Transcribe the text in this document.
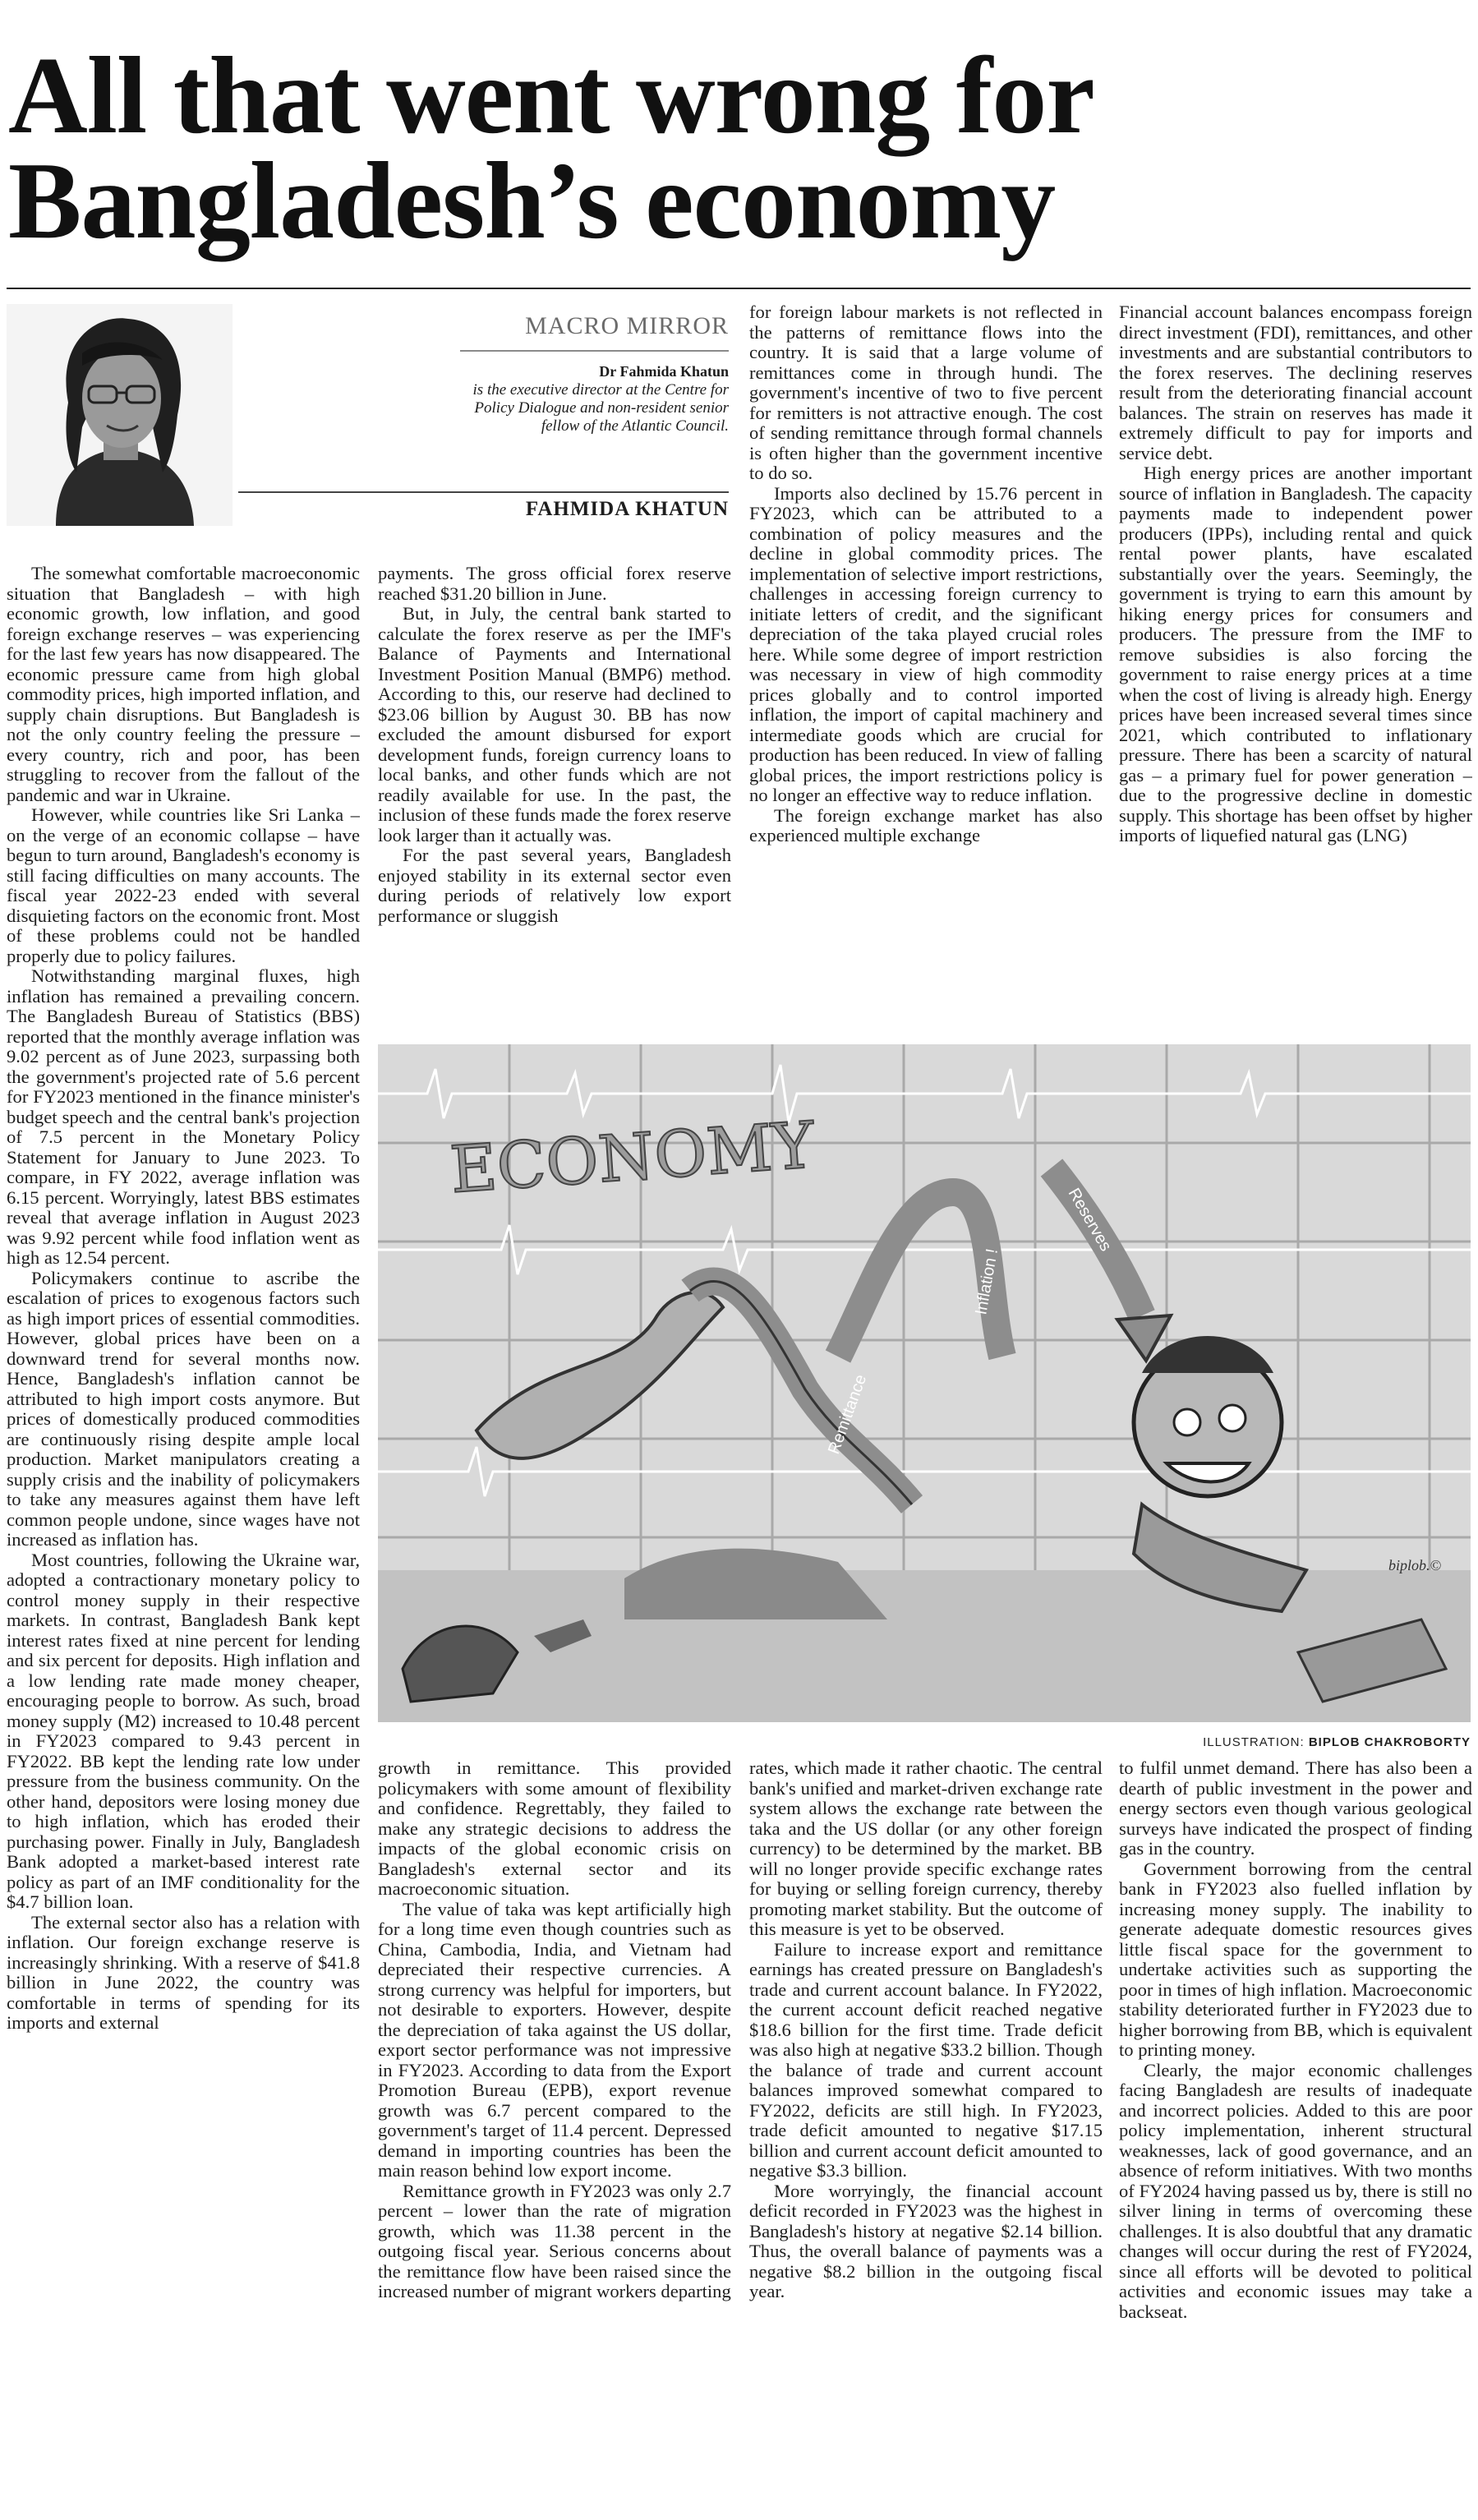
All that went wrong for
Bangladesh’s economy
MACRO MIRROR
Dr Fahmida Khatun
is the executive director at the Centre for Policy Dialogue and non-resident senior fellow of the Atlantic Council.
FAHMIDA KHATUN

The somewhat comfortable macroeconomic situation that Bangladesh – with high economic growth, low inflation, and good foreign exchange reserves – was experiencing for the last few years has now disappeared. The economic pressure came from high global commodity prices, high imported inflation, and supply chain disruptions. But Bangladesh is not the only country feeling the pressure – every country, rich and poor, has been struggling to recover from the fallout of the pandemic and war in Ukraine.

However, while countries like Sri Lanka – on the verge of an economic collapse – have begun to turn around, Bangladesh's economy is still facing difficulties on many accounts. The fiscal year 2022-23 ended with several disquieting factors on the economic front. Most of these problems could not be handled properly due to policy failures.

Notwithstanding marginal fluxes, high inflation has remained a prevailing concern. The Bangladesh Bureau of Statistics (BBS) reported that the monthly average inflation was 9.02 percent as of June 2023, surpassing both the government's projected rate of 5.6 percent for FY2023 mentioned in the finance minister's budget speech and the central bank's projection of 7.5 percent in the Monetary Policy Statement for January to June 2023. To compare, in FY 2022, average inflation was 6.15 percent. Worryingly, latest BBS estimates reveal that average inflation in August 2023 was 9.92 percent while food inflation went as high as 12.54 percent.

Policymakers continue to ascribe the escalation of prices to exogenous factors such as high import prices of essential commodities. However, global prices have been on a downward trend for several months now. Hence, Bangladesh's inflation cannot be attributed to high import costs anymore. But prices of domestically produced commodities are continuously rising despite ample local production. Market manipulators creating a supply crisis and the inability of policymakers to take any measures against them have left common people undone, since wages have not increased as inflation has.

Most countries, following the Ukraine war, adopted a contractionary monetary policy to control money supply in their respective markets. In contrast, Bangladesh Bank kept interest rates fixed at nine percent for lending and six percent for deposits. High inflation and a low lending rate made money cheaper, encouraging people to borrow. As such, broad money supply (M2) increased to 10.48 percent in FY2023 compared to 9.43 percent in FY2022. BB kept the lending rate low under pressure from the business community. On the other hand, depositors were losing money due to high inflation, which has eroded their purchasing power. Finally in July, Bangladesh Bank adopted a market-based interest rate policy as part of an IMF conditionality for the $4.7 billion loan.

The external sector also has a relation with inflation. Our foreign exchange reserve is increasingly shrinking. With a reserve of $41.8 billion in June 2022, the country was comfortable in terms of spending for its imports and external

payments. The gross official forex reserve reached $31.20 billion in June.

But, in July, the central bank started to calculate the forex reserve as per the IMF's Balance of Payments and International Investment Position Manual (BMP6) method. According to this, our reserve had declined to $23.06 billion by August 30. BB has now excluded the amount disbursed for export development funds, foreign currency loans to local banks, and other funds which are not readily available for use. In the past, the inclusion of these funds made the forex reserve look larger than it actually was.

For the past several years, Bangladesh enjoyed stability in its external sector even during periods of relatively low export performance or sluggish

for foreign labour markets is not reflected in the patterns of remittance flows into the country. It is said that a large volume of remittances come in through hundi. The government's incentive of two to five percent for remitters is not attractive enough. The cost of sending remittance through formal channels is often higher than the government incentive to do so.

Imports also declined by 15.76 percent in FY2023, which can be attributed to a combination of policy measures and the decline in global commodity prices. The implementation of selective import restrictions, challenges in accessing foreign currency to initiate letters of credit, and the significant depreciation of the taka played crucial roles here. While some degree of import restriction was necessary in view of high commodity prices globally and to control imported inflation, the import of capital machinery and intermediate goods which are crucial for production has been reduced. In view of falling global prices, the import restrictions policy is no longer an effective way to reduce inflation.

The foreign exchange market has also experienced multiple exchange

Financial account balances encompass foreign direct investment (FDI), remittances, and other investments and are substantial contributors to the forex reserves. The declining reserves result from the deteriorating financial account balances. The strain on reserves has made it extremely difficult to pay for imports and service debt.

High energy prices are another important source of inflation in Bangladesh. The capacity payments made to independent power producers (IPPs), including rental and quick rental power plants, have escalated substantially over the years. Seemingly, the government is trying to earn this amount by hiking energy prices for consumers and producers. The pressure from the IMF to remove subsidies is also forcing the government to raise energy prices at a time when the cost of living is already high. Energy prices have been increased several times since 2021, which contributed to inflationary pressure. There has been a scarcity of natural gas – a primary fuel for power generation – due to the progressive decline in domestic supply. This shortage has been offset by higher imports of liquefied natural gas (LNG)

ECONOMY
Remittance
Inflation !
Reserves
biplob.©
ILLUSTRATION: BIPLOB CHAKROBORTY

growth in remittance. This provided policymakers with some amount of flexibility and confidence. Regrettably, they failed to make any strategic decisions to address the impacts of the global economic crisis on Bangladesh's external sector and its macroeconomic situation.

The value of taka was kept artificially high for a long time even though countries such as China, Cambodia, India, and Vietnam had depreciated their respective currencies. A strong currency was helpful for importers, but not desirable to exporters. However, despite the depreciation of taka against the US dollar, export sector performance was not impressive in FY2023. According to data from the Export Promotion Bureau (EPB), export revenue growth was 6.7 percent compared to the government's target of 11.4 percent. Depressed demand in importing countries has been the main reason behind low export income.

Remittance growth in FY2023 was only 2.7 percent – lower than the rate of migration growth, which was 11.38 percent in the outgoing fiscal year. Serious concerns about the remittance flow have been raised since the increased number of migrant workers departing

rates, which made it rather chaotic. The central bank's unified and market-driven exchange rate system allows the exchange rate between the taka and the US dollar (or any other foreign currency) to be determined by the market. BB will no longer provide specific exchange rates for buying or selling foreign currency, thereby promoting market stability. But the outcome of this measure is yet to be observed.

Failure to increase export and remittance earnings has created pressure on Bangladesh's trade and current account balance. In FY2022, the current account deficit reached negative $18.6 billion for the first time. Trade deficit was also high at negative $33.2 billion. Though the balance of trade and current account balances improved somewhat compared to FY2022, deficits are still high. In FY2023, trade deficit amounted to negative $17.15 billion and current account deficit amounted to negative $3.3 billion.

More worryingly, the financial account deficit recorded in FY2023 was the highest in Bangladesh's history at negative $2.14 billion. Thus, the overall balance of payments was a negative $8.2 billion in the outgoing fiscal year.

to fulfil unmet demand. There has also been a dearth of public investment in the power and energy sectors even though various geological surveys have indicated the prospect of finding gas in the country.

Government borrowing from the central bank in FY2023 also fuelled inflation by increasing money supply. The inability to generate adequate domestic resources gives little fiscal space for the government to undertake activities such as supporting the poor in times of high inflation. Macroeconomic stability deteriorated further in FY2023 due to higher borrowing from BB, which is equivalent to printing money.

Clearly, the major economic challenges facing Bangladesh are results of inadequate and incorrect policies. Added to this are poor policy implementation, inherent structural weaknesses, lack of good governance, and an absence of reform initiatives. With two months of FY2024 having passed us by, there is still no silver lining in terms of overcoming these challenges. It is also doubtful that any dramatic changes will occur during the rest of FY2024, since all efforts will be devoted to political activities and economic issues may take a backseat.
